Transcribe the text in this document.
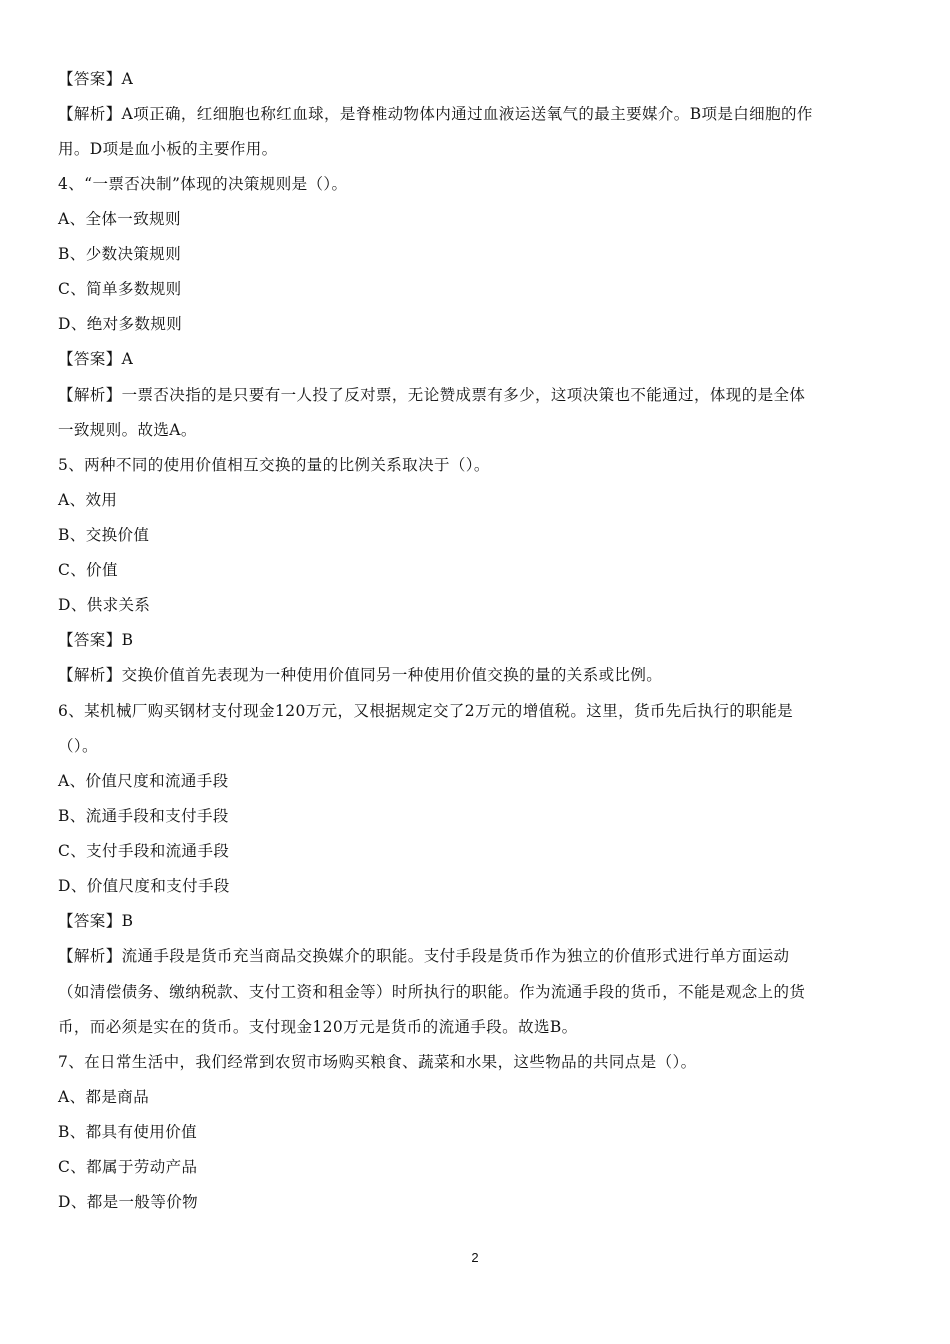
【答案】A
【解析】A项正确，红细胞也称红血球，是脊椎动物体内通过血液运送氧气的最主要媒介。B项是白细胞的作
用。D项是血小板的主要作用。
4、“一票否决制”体现的决策规则是（）。
A、全体一致规则
B、少数决策规则
C、简单多数规则
D、绝对多数规则
【答案】A
【解析】一票否决指的是只要有一人投了反对票，无论赞成票有多少，这项决策也不能通过，体现的是全体
一致规则。故选A。
5、两种不同的使用价值相互交换的量的比例关系取决于（）。
A、效用
B、交换价值
C、价值
D、供求关系
【答案】B
【解析】交换价值首先表现为一种使用价值同另一种使用价值交换的量的关系或比例。
6、某机械厂购买钢材支付现金120万元，又根据规定交了2万元的增值税。这里，货币先后执行的职能是
（）。
A、价值尺度和流通手段
B、流通手段和支付手段
C、支付手段和流通手段
D、价值尺度和支付手段
【答案】B
【解析】流通手段是货币充当商品交换媒介的职能。支付手段是货币作为独立的价值形式进行单方面运动
（如清偿债务、缴纳税款、支付工资和租金等）时所执行的职能。作为流通手段的货币，不能是观念上的货
币，而必须是实在的货币。支付现金120万元是货币的流通手段。故选B。
7、在日常生活中，我们经常到农贸市场购买粮食、蔬菜和水果，这些物品的共同点是（）。
A、都是商品
B、都具有使用价值
C、都属于劳动产品
D、都是一般等价物
2
